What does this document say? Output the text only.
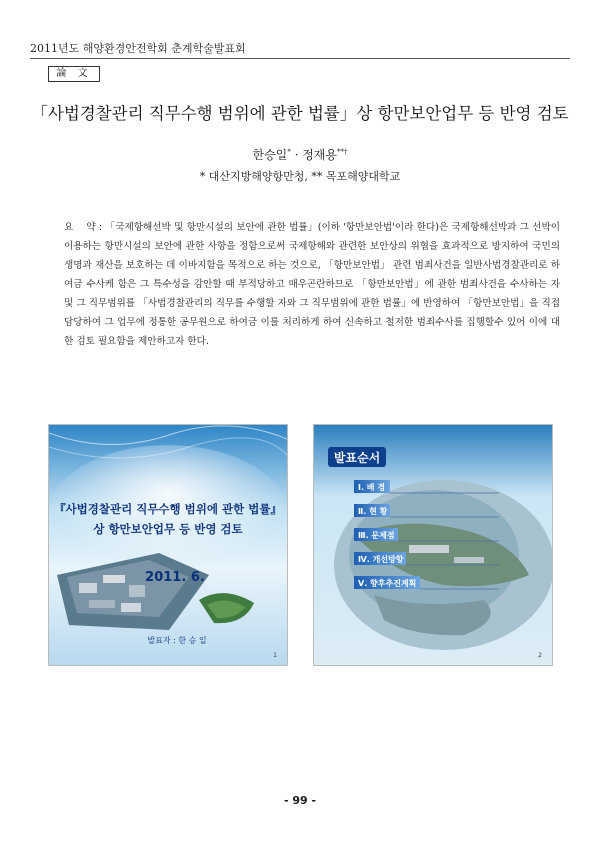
2011년도 해양환경안전학회 춘계학술발표회
論 文
「사법경찰관리 직무수행 범위에 관한 법률」상 항만보안업무 등 반영 검토
한승일* · 정재용**†
* 대산지방해양항만청, ** 목포해양대학교
요    약 : 「국제항해선박 및 항만시설의 보안에 관한 법률」(이하 '항만보안법'이라 한다)은 국제항해선박과 그 선박이 이용하는 항만시설의 보안에 관한 사항을 정함으로써 국제항해와 관련한 보안상의 위협을 효과적으로 방지하여 국민의 생명과 재산을 보호하는 데 이바지함을 목적으로 하는 것으로, 「항만보안법」 관련 범죄사건을 일반사법경찰관리로 하여금 수사케 함은 그 특수성을 감안할 때 부적당하고 매우곤란하므로 「항만보안법」에 관한 범죄사건을 수사하는 자 및 그 직무범위를 「사법경찰관리의 직무를 수행할 자와 그 직무범위에 관한 법률」에 반영하여 「항만보안법」을 직접 담당하여 그 업무에 정통한 공무원으로 하여금 이를 처리하게 하여 신속하고 철저한 범죄수사를 집행할수 있어 이에 대한 검토 필요함을 제안하고자 한다.
『사법경찰관리 직무수행 범위에 관한 법률』
상 항만보안업무 등 반영 검토
2011. 6.
발표자 : 한 승 일
1
발표순서
Ⅰ. 배 경
Ⅱ. 현 황
Ⅲ. 문제점
Ⅳ. 개선방향
Ⅴ. 향후추진계획
2
- 99 -
